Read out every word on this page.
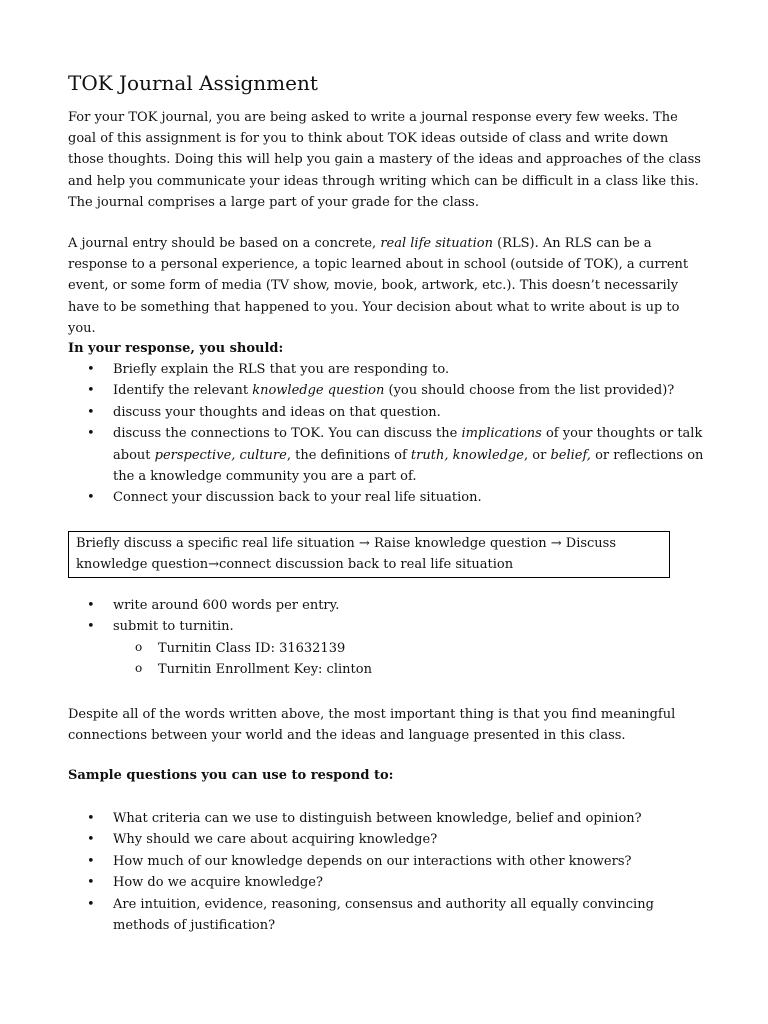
TOK Journal Assignment

For your TOK journal, you are being asked to write a journal response every few weeks. The goal of this assignment is for you to think about TOK ideas outside of class and write down those thoughts. Doing this will help you gain a mastery of the ideas and approaches of the class and help you communicate your ideas through writing which can be difficult in a class like this. The journal comprises a large part of your grade for the class.

A journal entry should be based on a concrete, real life situation (RLS). An RLS can be a response to a personal experience, a topic learned about in school (outside of TOK), a current event, or some form of media (TV show, movie, book, artwork, etc.). This doesn’t necessarily have to be something that happened to you. Your decision about what to write about is up to you.

In your response, you should:

• Briefly explain the RLS that you are responding to.
• Identify the relevant knowledge question (you should choose from the list provided)?
• discuss your thoughts and ideas on that question.
• discuss the connections to TOK. You can discuss the implications of your thoughts or talk about perspective, culture, the definitions of truth, knowledge, or belief, or reflections on the a knowledge community you are a part of.
• Connect your discussion back to your real life situation.
Briefly discuss a specific real life situation → Raise knowledge question → Discuss knowledge question→connect discussion back to real life situation
• write around 600 words per entry.
• submit to turnitin.
o Turnitin Class ID: 31632139
o Turnitin Enrollment Key: clinton

Despite all of the words written above, the most important thing is that you find meaningful connections between your world and the ideas and language presented in this class.

Sample questions you can use to respond to:

• What criteria can we use to distinguish between knowledge, belief and opinion?
• Why should we care about acquiring knowledge?
• How much of our knowledge depends on our interactions with other knowers?
• How do we acquire knowledge?
• Are intuition, evidence, reasoning, consensus and authority all equally convincing methods of justification?
